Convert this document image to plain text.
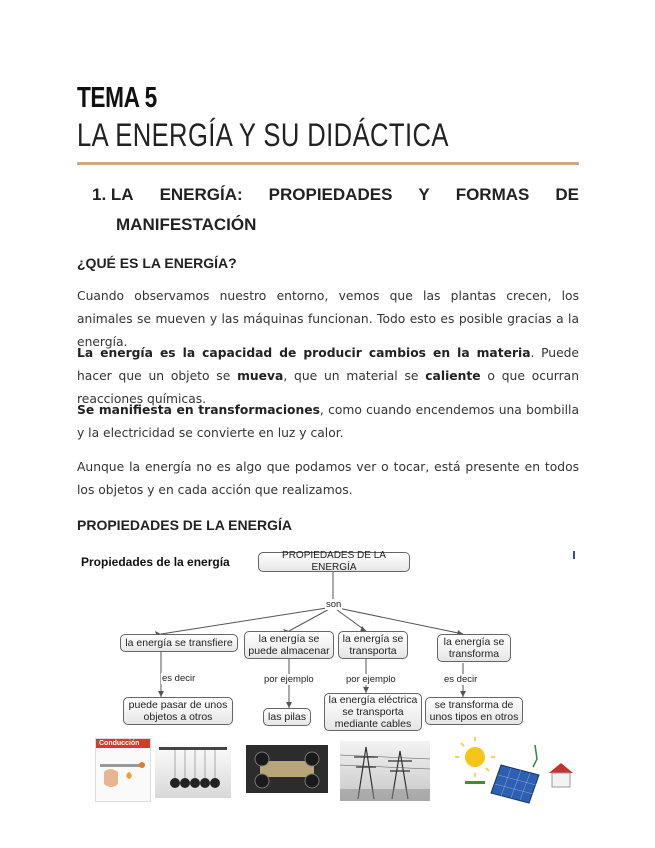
TEMA 5
LA ENERGÍA Y SU DIDÁCTICA
1. LA ENERGÍA: PROPIEDADES Y FORMAS DE
MANIFESTACIÓN
¿QUÉ ES LA ENERGÍA?

Cuando observamos nuestro entorno, vemos que las plantas crecen, los animales se mueven y las máquinas funcionan. Todo esto es posible gracias a la energía.

La energía es la capacidad de producir cambios en la materia. Puede hacer que un objeto se mueva, que un material se caliente o que ocurran reacciones químicas.

Se manifiesta en transformaciones, como cuando encendemos una bombilla y la electricidad se convierte en luz y calor.

Aunque la energía no es algo que podamos ver o tocar, está presente en todos los objetos y en cada acción que realizamos.

PROPIEDADES DE LA ENERGÍA
Propiedades de la energía	PROPIEDADES DE LA ENERGÍA
son
la energía se transfiere	la energía se puede almacenar
la energía se transporta
la energía se transforma
es decir	por ejemplo	por ejemplo	es decir
puede pasar de unos objetos a otros	las pilas
la energía eléctrica se transporta mediante cables
se transforma de unos tipos en otros
Conducción
